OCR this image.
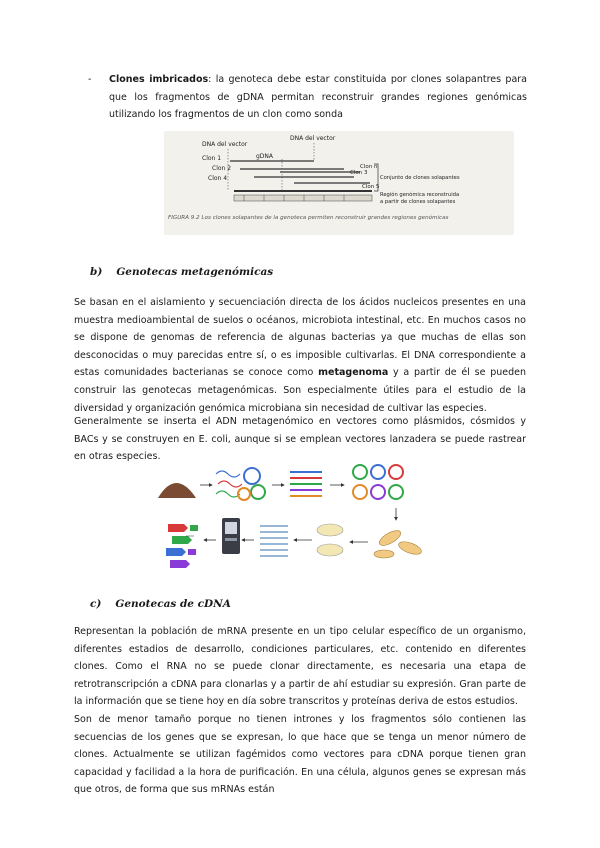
- Clones imbricados: la genoteca debe estar constituida por clones solapantres para que los fragmentos de gDNA permitan reconstruir grandes regiones genómicas utilizando los fragmentos de un clon como sonda
DNA del vector
DNA del vector
gDNA
Clon 1
Clon 2
Clon 4
Clon 3
Clon n
Clon 5
Conjunto de clones solapantes
Región genómica reconstruida
a partir de clones solapantes
FIGURA 9.2 Los clones solapantes de la genoteca permiten reconstruir grandes regiones genómicas
b) Genotecas metagenómicas

Se basan en el aislamiento y secuenciación directa de los ácidos nucleicos presentes en una muestra medioambiental de suelos o océanos, microbiota intestinal, etc. En muchos casos no se dispone de genomas de referencia de algunas bacterias ya que muchas de ellas son desconocidas o muy parecidas entre sí, o es imposible cultivarlas. El DNA correspondiente a estas comunidades bacterianas se conoce como metagenoma y a partir de él se pueden construir las genotecas metagenómicas. Son especialmente útiles para el estudio de la diversidad y organización genómica microbiana sin necesidad de cultivar las especies.

Generalmente se inserta el ADN metagenómico en vectores como plásmidos, cósmidos y BACs y se construyen en E. coli, aunque si se emplean vectores lanzadera se puede rastrear en otras especies.

c) Genotecas de cDNA

Representan la población de mRNA presente en un tipo celular específico de un organismo, diferentes estadios de desarrollo, condiciones particulares, etc. contenido en diferentes clones. Como el RNA no se puede clonar directamente, es necesaria una etapa de retrotranscripción a cDNA para clonarlas y a partir de ahí estudiar su expresión. Gran parte de la información que se tiene hoy en día sobre transcritos y proteínas deriva de estos estudios.

Son de menor tamaño porque no tienen intrones y los fragmentos sólo contienen las secuencias de los genes que se expresan, lo que hace que se tenga un menor número de clones. Actualmente se utilizan fagémidos como vectores para cDNA porque tienen gran capacidad y facilidad a la hora de purificación. En una célula, algunos genes se expresan más que otros, de forma que sus mRNAs están
